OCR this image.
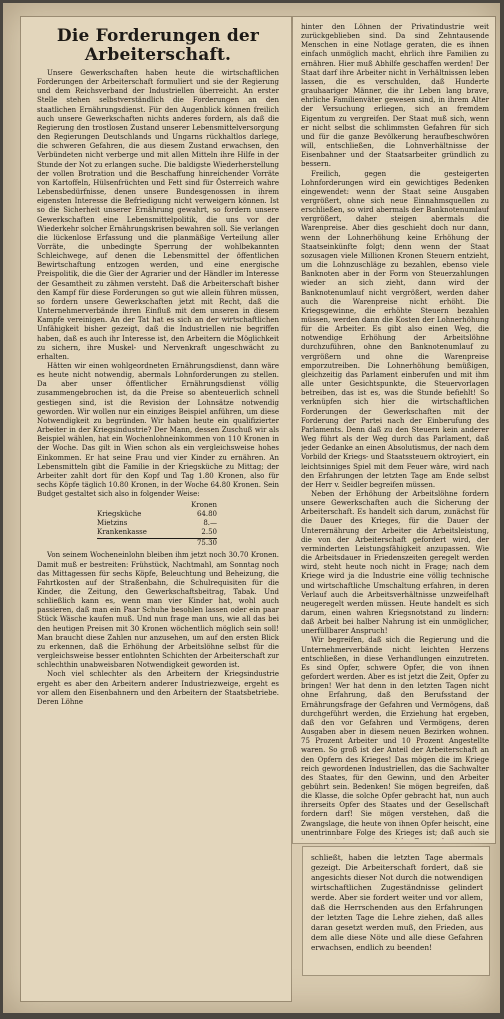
Die Forderungen der Arbeiterschaft.

Unsere Gewerkschaften haben heute die wirtschaftlichen Forderungen der Arbeiterschaft formuliert und sie der Regierung und dem Reichsverband der Industriellen überreicht. An erster Stelle stehen selbstverständlich die Forderungen an den staatlichen Ernährungsdienst. Für den Augenblick können freilich auch unsere Gewerkschaften nichts anderes fordern, als daß die Regierung den trostlosen Zustand unserer Lebensmittelversorgung den Regierungen Deutschlands und Ungarns rückhaltlos darlege, die schweren Gefahren, die aus diesem Zustand erwachsen, den Verbündeten nicht verberge und mit allen Mitteln ihre Hilfe in der Stunde der Not zu erlangen suche. Die baldigste Wiederherstellung der vollen Brotration und die Beschaffung hinreichender Vorräte von Kartoffeln, Hülsenfrüchten und Fett sind für Österreich wahre Lebensbedürfnisse, denen unsere Bundesgenossen in ihrem eigensten Interesse die Befriedigung nicht verweigern können. Ist so die Sicherheit unserer Ernährung gewahrt, so fordern unsere Gewerkschaften eine Lebensmittelpolitik, die uns vor der Wiederkehr solcher Ernährungskrisen bewahren soll. Sie verlangen die lückenlose Erfassung und die planmäßige Verteilung aller Vorräte, die unbedingte Sperrung der wohlbekannten Schleichwege, auf denen die Lebensmittel der öffentlichen Bewirtschaftung entzogen werden, und eine energische Preispolitik, die die Gier der Agrarier und der Händler im Interesse der Gesamtheit zu zähmen versteht. Daß die Arbeiterschaft bisher den Kampf für diese Forderungen so gut wie allein führen müssen, so fordern unsere Gewerkschaften jetzt mit Recht, daß die Unternehmerverbände ihren Einfluß mit dem unseren in diesem Kampfe vereinigen. An der Tat hat es sich an der wirtschaftlichen Unfähigkeit bisher gezeigt, daß die Industriellen nie begriffen haben, daß es auch ihr Interesse ist, den Arbeitern die Möglichkeit zu sichern, ihre Muskel- und Nervenkraft ungeschwächt zu erhalten.

Hätten wir einen wohlgeordneten Ernährungsdienst, dann wäre es heute nicht notwendig, abermals Lohnforderungen zu stellen. Da aber unser öffentlicher Ernährungsdienst völlig zusammengebrochen ist, da die Preise so abenteuerlich schnell gestiegen sind, ist die Revision der Lohnsätze notwendig geworden. Wir wollen nur ein einziges Beispiel anführen, um diese Notwendigkeit zu begründen. Wir haben heute ein qualifizierter Arbeiter in der Kriegsindustrie? Der Mann, dessen Zuschuß wir als Beispiel wählen, hat ein Wochenlohneinkommen von 110 Kronen in der Woche. Das gilt in Wien schon als ein vergleichsweise hohes Einkommen. Er hat seine Frau und vier Kinder zu ernähren. An Lebensmitteln gibt die Familie in der Kriegsküche zu Mittag; der Arbeiter zahlt dort für den Kopf und Tag 1.80 Kronen, also für sechs Köpfe täglich 10.80 Kronen, in der Woche 64.80 Kronen. Sein Budget gestaltet sich also in folgender Weise:

Kronen
Kriegsküche	64.80
Mietzins	8.—
Krankenkasse	2.50
75.30

Von seinem Wocheneinlohn bleiben ihm jetzt noch 30.70 Kronen. Damit muß er bestreiten: Frühstück, Nachtmahl, am Sonntag noch das Mittagessen für sechs Köpfe, Beleuchtung und Beheizung, die Fahrtkosten auf der Straßenbahn, die Schulrequisiten für die Kinder, die Zeitung, den Gewerkschaftsbeitrag, Tabak. Und schließlich kann es, wenn man vier Kinder hat, wohl auch passieren, daß man ein Paar Schuhe besohlen lassen oder ein paar Stück Wäsche kaufen muß. Und nun frage man uns, wie all das bei den heutigen Preisen mit 30 Kronen wöchentlich möglich sein soll! Man braucht diese Zahlen nur anzusehen, um auf den ersten Blick zu erkennen, daß die Erhöhung der Arbeitslöhne selbst für die vergleichsweise besser entlohnten Schichten der Arbeiterschaft zur schlechthin unabweisbaren Notwendigkeit geworden ist.

Noch viel schlechter als den Arbeitern der Kriegsindustrie ergeht es aber den Arbeitern anderer Industriezweige, ergeht es vor allem den Eisenbahnern und den Arbeitern der Staatsbetriebe. Deren Löhne

hinter den Löhnen der Privatindustrie weit zurückgeblieben sind. Da sind Zehntausende Menschen in eine Notlage geraten, die es ihnen einfach unmöglich macht, ehrlich ihre Familien zu ernähren. Hier muß Abhilfe geschaffen werden! Der Staat darf ihre Arbeiter nicht in Verhältnissen leben lassen, die es verschulden, daß Hunderte grauhaariger Männer, die ihr Leben lang brave, ehrliche Familienväter gewesen sind, in ihrem Alter der Versuchung erliegen, sich an fremdem Eigentum zu vergreifen. Der Staat muß sich, wenn er nicht selbst die schlimmsten Gefahren für sich und für die ganze Bevölkerung heraufbeschwören will, entschließen, die Lohnverhältnisse der Eisenbahner und der Staatsarbeiter gründlich zu bessern.

Freilich, gegen die gesteigerten Lohnforderungen wird ein gewichtiges Bedenken eingewendet: wenn der Staat seine Ausgaben vergrößert, ohne sich neue Einnahmsquellen zu erschließen, so wird abermals der Banknotenumlauf vergrößert, daher steigen abermals die Warenpreise. Aber dies geschieht doch nur dann, wenn der Lohnerhöhung keine Erhöhung der Staatseinkünfte folgt; denn wenn der Staat sozusagen viele Millionen Kronen Steuern entzieht, um die Lohnzuschläge zu bezahlen, ebenso viele Banknoten aber in der Form von Steuerzahlungen wieder an sich zieht, dann wird der Banknotenumlauf nicht vergrößert, werden daher auch die Warenpreise nicht erhöht. Die Kriegsgewinne, die erhöhte Steuern bezahlen müssen, werden dann die Kosten der Lohnerhöhung für die Arbeiter. Es gibt also einen Weg, die notwendige Erhöhung der Arbeitslöhne durchzuführen, ohne den Banknotenumlauf zu vergrößern und ohne die Warenpreise emporzutreiben. Die Lohnerhöhung bemüßigen, gleichzeitig das Parlament einberufen und mit ihm alle unter Gesichtspunkte, die Steuervorlagen betreiben, das ist es, was die Stunde befiehlt! So verknüpfen sich hier die wirtschaftlichen Forderungen der Gewerkschaften mit der Forderung der Partei nach der Einberufung des Parlaments. Denn daß zu den Steuern kein anderer Weg führt als der Weg durch das Parlament, daß jeder Gedanke an einen Absolutismus, der nach dem Vorbild der Kriegs- und Staatssteuern oktroyiert, ein leichtsinniges Spiel mit dem Feuer wäre, wird nach den Erfahrungen der letzten Tage am Ende selbst der Herr v. Seidler begreifen müssen.

Neben der Erhöhung der Arbeitslöhne fordern unsere Gewerkschaften auch die Sicherung der Arbeiterschaft. Es handelt sich darum, zunächst für die Dauer des Krieges, für die Dauer der Unterernährung der Arbeiter die Arbeitsleistung, die von der Arbeiterschaft gefordert wird, der verminderten Leistungsfähigkeit anzupassen. Wie die Arbeitsdauer in Friedenszeiten geregelt werden wird, steht heute noch nicht in Frage; nach dem Kriege wird ja die Industrie eine völlig technische und wirtschaftliche Umschaltung erfahren, in deren Verlauf auch die Arbeitsverhältnisse unzweifelhaft neugeregelt werden müssen. Heute handelt es sich darum, einen wahren Kriegsnotstand zu lindern: daß Arbeit bei halber Nahrung ist ein unmöglicher, unerfüllbarer Anspruch!

Wir begreifen, daß sich die Regierung und die Unternehmerverbände nicht leichten Herzens entschließen, in diese Verhandlungen einzutreten. Es sind Opfer, schwere Opfer, die von ihnen gefordert werden. Aber es ist jetzt die Zeit, Opfer zu bringen! Wer hat denn in den letzten Tagen nicht ohne Erfahrung, daß den Berufsstand der Ernährungsfrage der Gefahren und Vermögens, daß durchgeführt werden, die Erziehung hat ergeben, daß den vor Gefahren und Vermögens, deren Ausgaben aber in diesem neuen Bezirken wohnen. 75 Prozent Arbeiter und 10 Prozent Angestellte waren. So groß ist der Anteil der Arbeiterschaft an den Opfern des Krieges! Das mögen die im Kriege reich gewordenen Industriellen, das die Sachwalter des Staates, für den Gewinn, und den Arbeiter gebührt sein. Bedenken! Sie mögen begreifen, daß die Klasse, die solche Opfer gebracht hat, nun auch ihrerseits Opfer des Staates und der Gesellschaft fordern darf! Sie mögen verstehen, daß die Zwangslage, die heute von ihnen Opfer heischt, eine unentrinnbare Folge des Krieges ist; daß auch sie

schließt, haben die letzten Tage abermals gezeigt. Die Arbeiterschaft fordert, daß sie angesichts dieser Not durch die notwendigen wirtschaftlichen Zugeständnisse gelindert werde. Aber sie fordert weiter und vor allem, daß die Herrschenden aus den Erfahrungen der letzten Tage die Lehre ziehen, daß alles daran gesetzt werden muß, den Frieden, aus dem alle diese Nöte und alle diese Gefahren erwachsen, endlich zu beenden!
